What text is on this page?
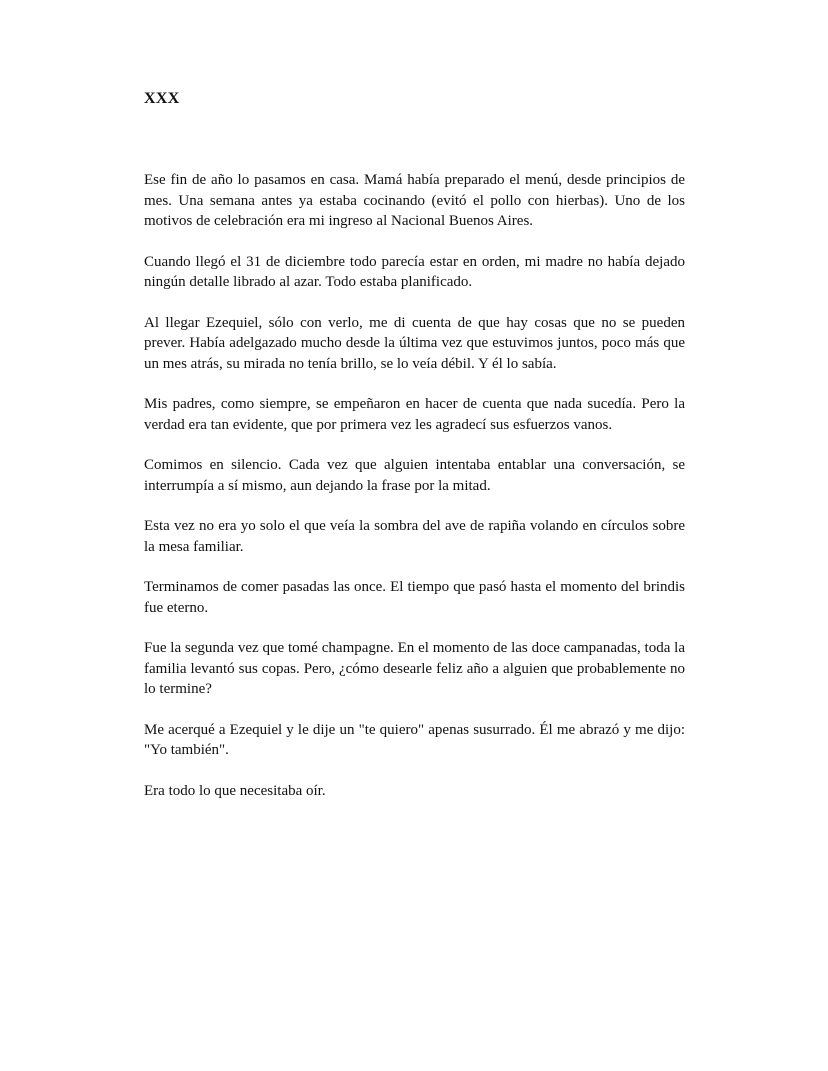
XXX

Ese fin de año lo pasamos en casa. Mamá había preparado el menú, desde principios de mes. Una semana antes ya estaba cocinando (evitó el pollo con hierbas). Uno de los motivos de celebración era mi ingreso al Nacional Buenos Aires.

Cuando llegó el 31 de diciembre todo parecía estar en orden, mi madre no había dejado ningún detalle librado al azar. Todo estaba planificado.

Al llegar Ezequiel, sólo con verlo, me di cuenta de que hay cosas que no se pueden prever. Había adelgazado mucho desde la última vez que estuvimos juntos, poco más que un mes atrás, su mirada no tenía brillo, se lo veía débil. Y él lo sabía.

Mis padres, como siempre, se empeñaron en hacer de cuenta que nada sucedía. Pero la verdad era tan evidente, que por primera vez les agradecí sus esfuerzos vanos.

Comimos en silencio. Cada vez que alguien intentaba entablar una conversación, se interrumpía a sí mismo, aun dejando la frase por la mitad.

Esta vez no era yo solo el que veía la sombra del ave de rapiña volando en círculos sobre la mesa familiar.

Terminamos de comer pasadas las once. El tiempo que pasó hasta el momento del brindis fue eterno.

Fue la segunda vez que tomé champagne. En el momento de las doce campanadas, toda la familia levantó sus copas. Pero, ¿cómo desearle feliz año a alguien que probablemente no lo termine?

Me acerqué a Ezequiel y le dije un "te quiero" apenas susurrado. Él me abrazó y me dijo: "Yo también".

Era todo lo que necesitaba oír.
